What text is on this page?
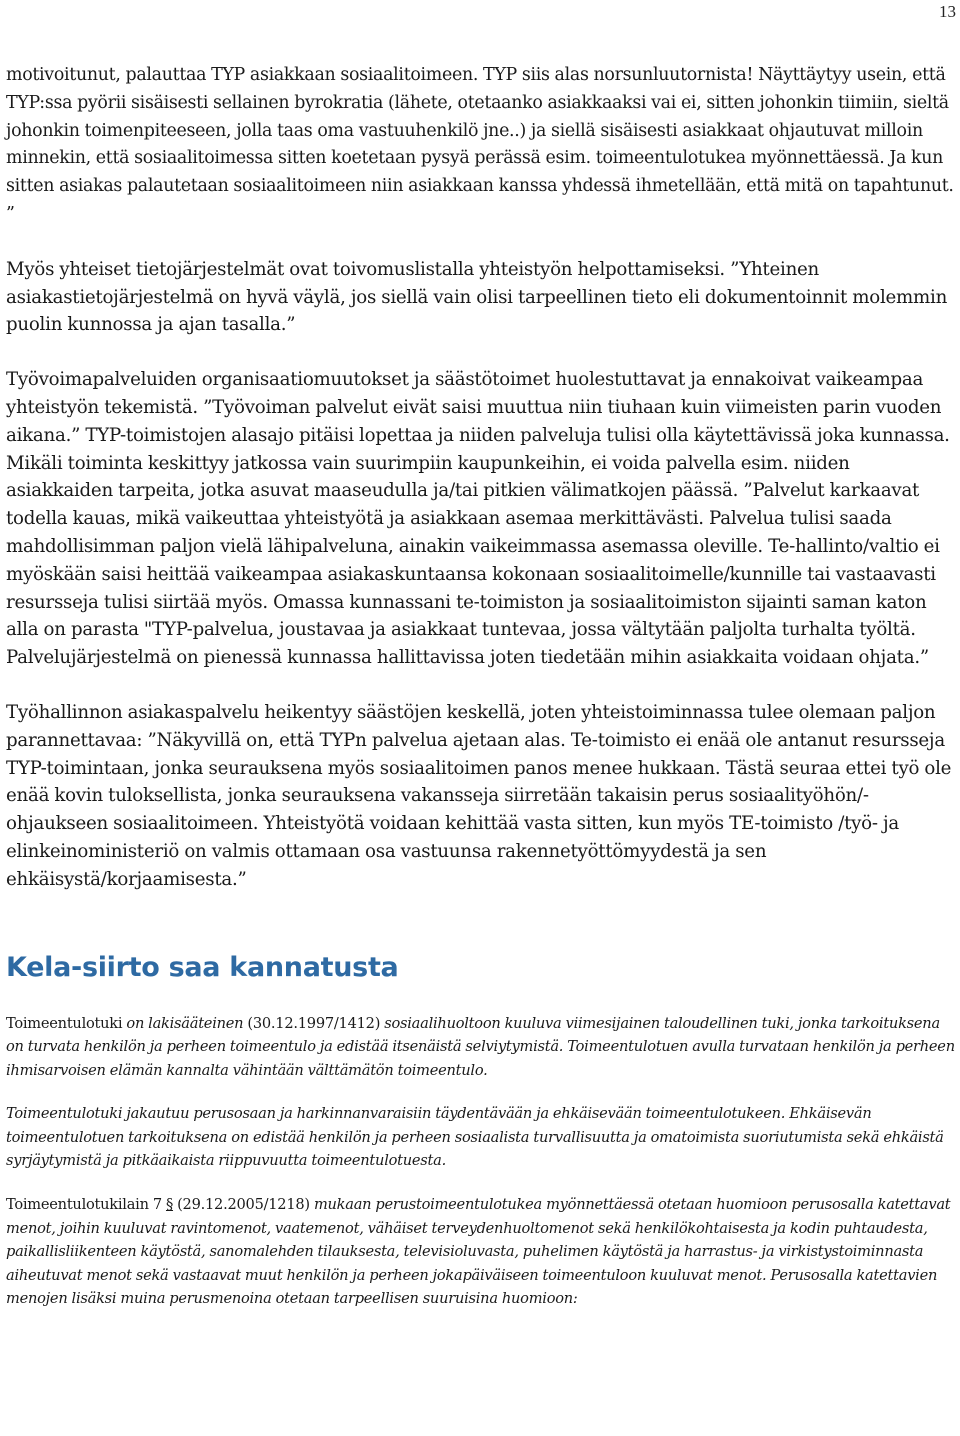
13

motivoitunut, palauttaa TYP asiakkaan sosiaalitoimeen. TYP siis alas norsunluutornista! Näyttäytyy usein, että TYP:ssa pyörii sisäisesti sellainen byrokratia (lähete, otetaanko asiakkaaksi vai ei, sitten johonkin tiimiin, sieltä johonkin toimenpiteeseen, jolla taas oma vastuuhenkilö jne..) ja siellä sisäisesti asiakkaat ohjautuvat milloin minnekin, että sosiaalitoimessa sitten koetetaan pysyä perässä esim. toimeentulotukea myönnettäessä. Ja kun sitten asiakas palautetaan sosiaalitoimeen niin asiakkaan kanssa yhdessä ihmetellään, että mitä on tapahtunut. ”

Myös yhteiset tietojärjestelmät ovat toivomuslistalla yhteistyön helpottamiseksi. ”Yhteinen asiakastietojärjestelmä on hyvä väylä, jos siellä vain olisi tarpeellinen tieto eli dokumentoinnit molemmin puolin kunnossa ja ajan tasalla.”

Työvoimapalveluiden organisaatiomuutokset ja säästötoimet huolestuttavat ja ennakoivat vaikeampaa yhteistyön tekemistä. ”Työvoiman palvelut eivät saisi muuttua niin tiuhaan kuin viimeisten parin vuoden aikana.” TYP-toimistojen alasajo pitäisi lopettaa ja niiden palveluja tulisi olla käytettävissä joka kunnassa. Mikäli toiminta keskittyy jatkossa vain suurimpiin kaupunkeihin, ei voida palvella esim. niiden asiakkaiden tarpeita, jotka asuvat maaseudulla ja/tai pitkien välimatkojen päässä. ”Palvelut karkaavat todella kauas, mikä vaikeuttaa yhteistyötä ja asiakkaan asemaa merkittävästi. Palvelua tulisi saada mahdollisimman paljon vielä lähipalveluna, ainakin vaikeimmassa asemassa oleville. Te-hallinto/valtio ei myöskään saisi heittää vaikeampaa asiakaskuntaansa kokonaan sosiaalitoimelle/kunnille tai vastaavasti resursseja tulisi siirtää myös. Omassa kunnassani te-toimiston ja sosiaalitoimiston sijainti saman katon alla on parasta "TYP-palvelua, joustavaa ja asiakkaat tuntevaa, jossa vältytään paljolta turhalta työltä. Palvelujärjestelmä on pienessä kunnassa hallittavissa joten tiedetään mihin asiakkaita voidaan ohjata.”

Työhallinnon asiakaspalvelu heikentyy säästöjen keskellä, joten yhteistoiminnassa tulee olemaan paljon parannettavaa: ”Näkyvillä on, että TYPn palvelua ajetaan alas. Te-toimisto ei enää ole antanut resursseja TYP-toimintaan, jonka seurauksena myös sosiaalitoimen panos menee hukkaan. Tästä seuraa ettei työ ole enää kovin tuloksellista, jonka seurauksena vakansseja siirretään takaisin perus sosiaalityöhön/-ohjaukseen sosiaalitoimeen. Yhteistyötä voidaan kehittää vasta sitten, kun myös TE-toimisto /työ- ja elinkeinoministeriö on valmis ottamaan osa vastuunsa rakennetyöttömyydestä ja sen ehkäisystä/korjaamisesta.”

Kela-siirto saa kannatusta

Toimeentulotuki on lakisääteinen (30.12.1997/1412) sosiaalihuoltoon kuuluva viimesijainen taloudellinen tuki, jonka tarkoituksena on turvata henkilön ja perheen toimeentulo ja edistää itsenäistä selviytymistä. Toimeentulotuen avulla turvataan henkilön ja perheen ihmisarvoisen elämän kannalta vähintään välttämätön toimeentulo.

Toimeentulotuki jakautuu perusosaan ja harkinnanvaraisiin täydentävään ja ehkäisevään toimeentulotukeen. Ehkäisevän toimeentulotuen tarkoituksena on edistää henkilön ja perheen sosiaalista turvallisuutta ja omatoimista suoriutumista sekä ehkäistä syrjäytymistä ja pitkäaikaista riippuvuutta toimeentulotuesta.

Toimeentulotukilain 7 § (29.12.2005/1218) mukaan perustoimeentulotukea myönnettäessä otetaan huomioon perusosalla katettavat menot, joihin kuuluvat ravintomenot, vaatemenot, vähäiset terveydenhuoltomenot sekä henkilökohtaisesta ja kodin puhtaudesta, paikallisliikenteen käytöstä, sanomalehden tilauksesta, televisioluvasta, puhelimen käytöstä ja harrastus- ja virkistystoiminnasta aiheutuvat menot sekä vastaavat muut henkilön ja perheen jokapäiväiseen toimeentuloon kuuluvat menot. Perusosalla katettavien menojen lisäksi muina perusmenoina otetaan tarpeellisen suuruisina huomioon:
